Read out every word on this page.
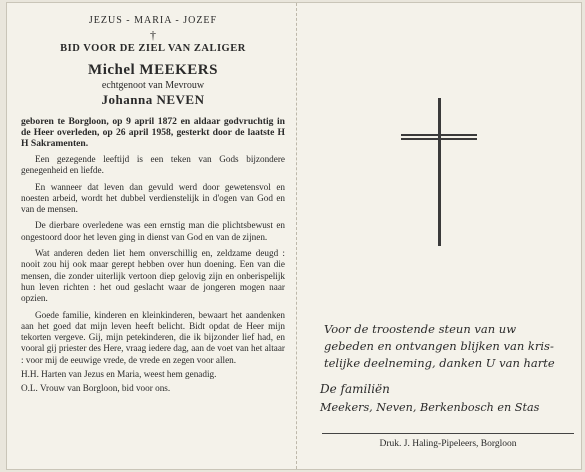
JEZUS - MARIA - JOZEF
†
BID VOOR DE ZIEL VAN ZALIGER
Michel MEEKERS
echtgenoot van Mevrouw
Johanna NEVEN
geboren te Borgloon, op 9 april 1872 en aldaar godvruchtig in de Heer overleden, op 26 april 1958, gesterkt door de laatste H H Sakramenten.
Een gezegende leeftijd is een teken van Gods bijzondere genegenheid en liefde.
En wanneer dat leven dan gevuld werd door gewetensvol en noesten arbeid, wordt het dubbel verdienstelijk in d'ogen van God en van de mensen.
De dierbare overledene was een ernstig man die plichtsbewust en ongestoord door het leven ging in dienst van God en van de zijnen.
Wat anderen deden liet hem onverschillig en, zeldzame deugd : nooit zou hij ook maar gerept hebben over hun doening. Een van die mensen, die zonder uiterlijk vertoon diep gelovig zijn en onberispelijk hun leven richten : het oud geslacht waar de jongeren mogen naar opzien.
Goede familie, kinderen en kleinkinderen, bewaart het aandenken aan het goed dat mijn leven heeft belicht. Bidt opdat de Heer mijn tekorten vergeve. Gij, mijn petekinderen, die ik bijzonder lief had, en vooral gij priester des Here, vraag iedere dag, aan de voet van het altaar : voor mij de eeuwige vrede, de vrede en zegen voor allen.
H.H. Harten van Jezus en Maria, weest hem genadig.
O.L. Vrouw van Borgloon, bid voor ons.
Voor de troostende steun van uw
gebeden en ontvangen blijken van kris-
telijke deelneming, danken U van harte
De familiën
Meekers, Neven, Berkenbosch en Stas
Druk. J. Haling-Pipeleers, Borgloon
